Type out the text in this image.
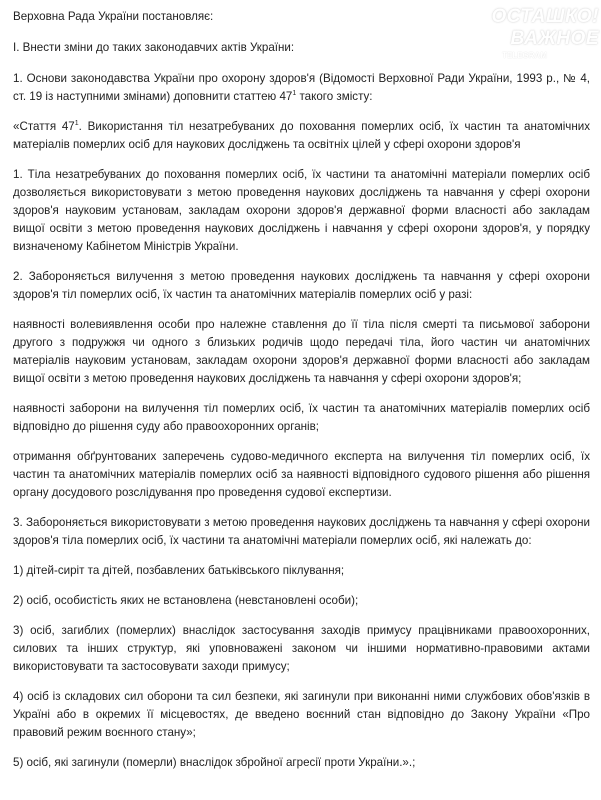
Верховна Рада України постановляє:

І. Внести зміни до таких законодавчих актів України:

1. Основи законодавства України про охорону здоров'я (Відомості Верховної Ради України, 1993 р., № 4, ст. 19 із наступними змінами) доповнити статтею $47^1$ такого змісту:

«Стаття $47^1$. Використання тіл незатребуваних до поховання померлих осіб, їх частин та анатомічних матеріалів померлих осіб для наукових досліджень та освітніх цілей у сфері охорони здоров'я

1. Тіла незатребуваних до поховання померлих осіб, їх частини та анатомічні матеріали померлих осіб дозволяється використовувати з метою проведення наукових досліджень та навчання у сфері охорони здоров'я науковим установам, закладам охорони здоров'я державної форми власності або закладам вищої освіти з метою проведення наукових досліджень і навчання у сфері охорони здоров'я, у порядку визначеному Кабінетом Міністрів України.

2. Забороняється вилучення з метою проведення наукових досліджень та навчання у сфері охорони здоров'я тіл померлих осіб, їх частин та анатомічних матеріалів померлих осіб у разі:

наявності волевиявлення особи про належне ставлення до її тіла після смерті та письмової заборони другого з подружжя чи одного з близьких родичів щодо передачі тіла, його частин чи анатомічних матеріалів науковим установам, закладам охорони здоров'я державної форми власності або закладам вищої освіти з метою проведення наукових досліджень та навчання у сфері охорони здоров'я;

наявності заборони на вилучення тіл померлих осіб, їх частин та анатомічних матеріалів померлих осіб відповідно до рішення суду або правоохоронних органів;

отримання обґрунтованих заперечень судово-медичного експерта на вилучення тіл померлих осіб, їх частин та анатомічних матеріалів померлих осіб за наявності відповідного судового рішення або рішення органу досудового розслідування про проведення судової експертизи.

3. Забороняється використовувати з метою проведення наукових досліджень та навчання у сфері охорони здоров'я тіла померлих осіб, їх частини та анатомічні матеріали померлих осіб, які належать до:

1) дітей-сиріт та дітей, позбавлених батьківського піклування;

2) осіб, особистість яких не встановлена (невстановлені особи);

3) осіб, загиблих (померлих) внаслідок застосування заходів примусу працівниками правоохоронних, силових та інших структур, які уповноважені законом чи іншими нормативно-правовими актами використовувати та застосовувати заходи примусу;

4) осіб із складових сил оборони та сил безпеки, які загинули при виконанні ними службових обов'язків в Україні або в окремих її місцевостях, де введено воєнний стан відповідно до Закону України «Про правовий режим воєнного стану»;

5) осіб, які загинули (померли) внаслідок збройної агресії проти України.».;

ОСТАШКО! ВАЖНОЕ
TELEGRAM
